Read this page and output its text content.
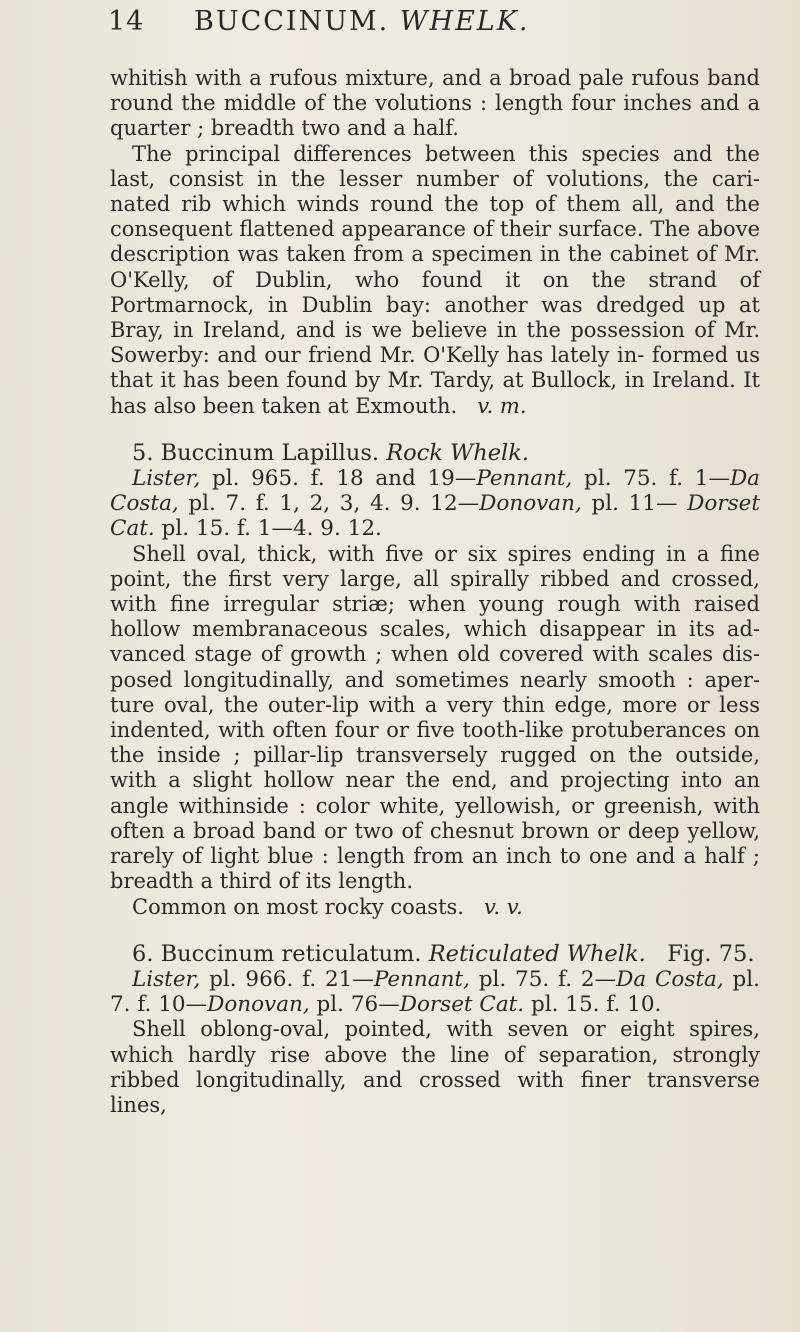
14 BUCCINUM. WHELK.

whitish with a rufous mixture, and a broad pale rufous band round the middle of the volutions : length four inches and a quarter ; breadth two and a half.

The principal differences between this species and the last, consist in the lesser number of volutions, the cari- nated rib which winds round the top of them all, and the consequent flattened appearance of their surface. The above description was taken from a specimen in the cabinet of Mr. O'Kelly, of Dublin, who found it on the strand of Portmarnock, in Dublin bay: another was dredged up at Bray, in Ireland, and is we believe in the possession of Mr. Sowerby: and our friend Mr. O'Kelly has lately in- formed us that it has been found by Mr. Tardy, at Bullock, in Ireland. It has also been taken at Exmouth. v. m.

5. Buccinum Lapillus. Rock Whelk.

Lister, pl. 965. f. 18 and 19—Pennant, pl. 75. f. 1—Da Costa, pl. 7. f. 1, 2, 3, 4. 9. 12—Donovan, pl. 11— Dorset Cat. pl. 15. f. 1—4. 9. 12.

Shell oval, thick, with five or six spires ending in a fine point, the first very large, all spirally ribbed and crossed, with fine irregular striæ; when young rough with raised hollow membranaceous scales, which disappear in its ad- vanced stage of growth ; when old covered with scales dis- posed longitudinally, and sometimes nearly smooth : aper- ture oval, the outer-lip with a very thin edge, more or less indented, with often four or five tooth-like protuberances on the inside ; pillar-lip transversely rugged on the outside, with a slight hollow near the end, and projecting into an angle withinside : color white, yellowish, or greenish, with often a broad band or two of chesnut brown or deep yellow, rarely of light blue : length from an inch to one and a half ; breadth a third of its length.

Common on most rocky coasts. v. v.

6. Buccinum reticulatum. Reticulated Whelk. Fig. 75.

Lister, pl. 966. f. 21—Pennant, pl. 75. f. 2—Da Costa, pl. 7. f. 10—Donovan, pl. 76—Dorset Cat. pl. 15. f. 10.

Shell oblong-oval, pointed, with seven or eight spires, which hardly rise above the line of separation, strongly ribbed longitudinally, and crossed with finer transverse lines,
